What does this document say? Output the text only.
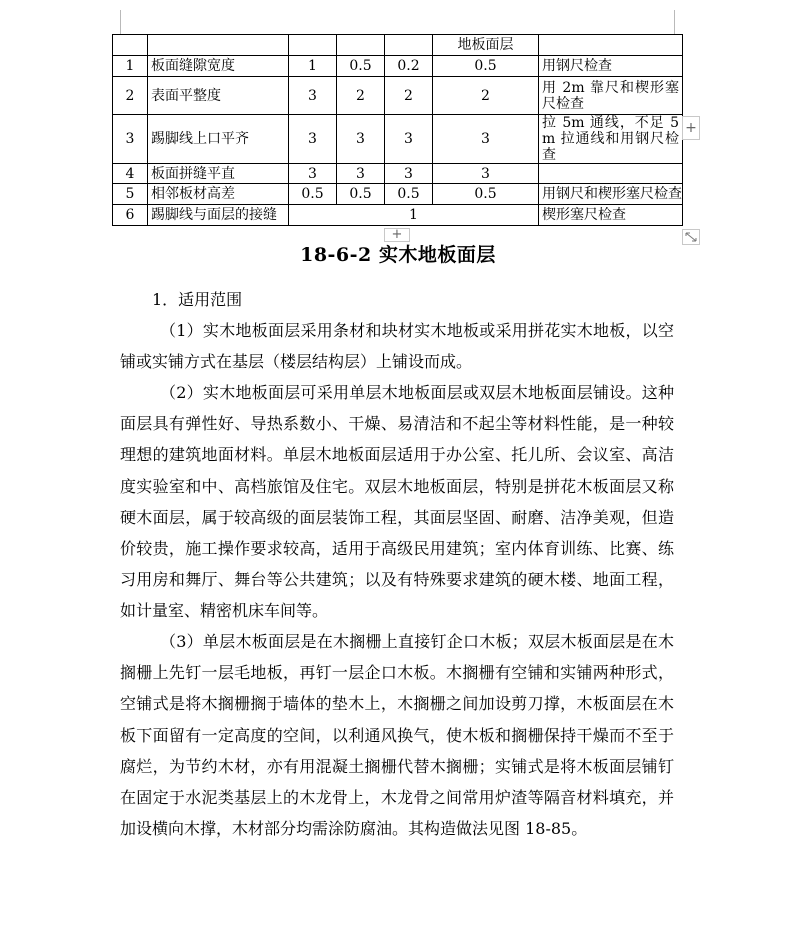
					地板面层	
1	板面缝隙宽度	1	0.5	0.2	0.5	用钢尺检查
2	表面平整度	3	2	2	2	用 2m 靠尺和楔形塞尺检查
3	踢脚线上口平齐	3	3	3	3	拉 5m 通线，不足 5m 拉通线和用钢尺检查
4	板面拼缝平直	3	3	3	3	
5	相邻板材高差	0.5	0.5	0.5	0.5	用钢尺和楔形塞尺检查
6	踢脚线与面层的接缝	1				楔形塞尺检查
+
+
18-6-2 实木地板面层

1．适用范围

（1）实木地板面层采用条材和块材实木地板或采用拼花实木地板，以空铺或实铺方式在基层（楼层结构层）上铺设而成。

（2）实木地板面层可采用单层木地板面层或双层木地板面层铺设。这种面层具有弹性好、导热系数小、干燥、易清洁和不起尘等材料性能，是一种较理想的建筑地面材料。单层木地板面层适用于办公室、托儿所、会议室、高洁度实验室和中、高档旅馆及住宅。双层木地板面层，特别是拼花木板面层又称硬木面层，属于较高级的面层装饰工程，其面层坚固、耐磨、洁净美观，但造价较贵，施工操作要求较高，适用于高级民用建筑；室内体育训练、比赛、练习用房和舞厅、舞台等公共建筑；以及有特殊要求建筑的硬木楼、地面工程，如计量室、精密机床车间等。

（3）单层木板面层是在木搁栅上直接钉企口木板；双层木板面层是在木搁栅上先钉一层毛地板，再钉一层企口木板。木搁栅有空铺和实铺两种形式，空铺式是将木搁栅搁于墙体的垫木上，木搁栅之间加设剪刀撑，木板面层在木板下面留有一定高度的空间，以利通风换气，使木板和搁栅保持干燥而不至于腐烂，为节约木材，亦有用混凝土搁栅代替木搁栅；实铺式是将木板面层铺钉在固定于水泥类基层上的木龙骨上，木龙骨之间常用炉渣等隔音材料填充，并加设横向木撑，木材部分均需涂防腐油。其构造做法见图 18-85。
